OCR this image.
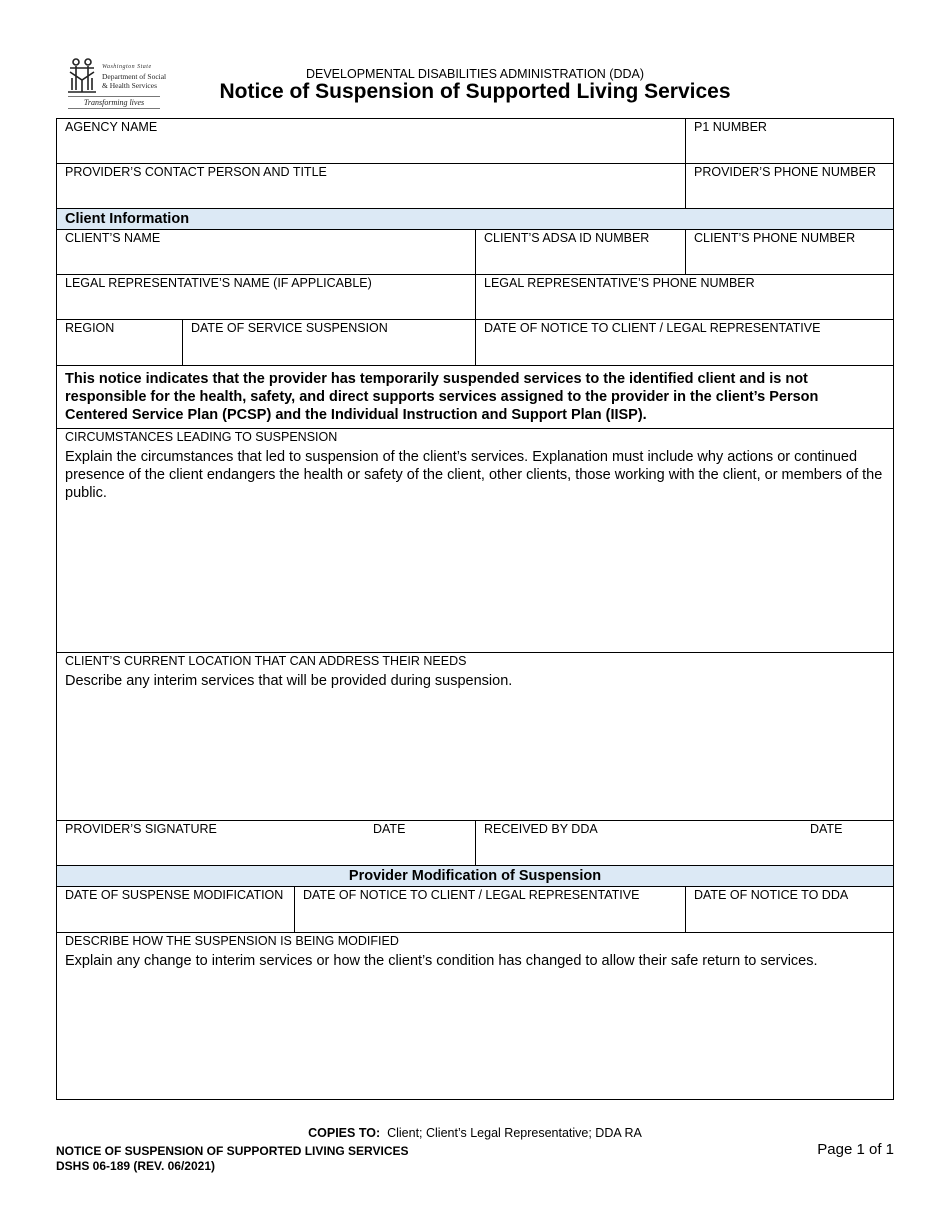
Washington State
Department of Social
& Health Services
Transforming lives
DEVELOPMENTAL DISABILITIES ADMINISTRATION (DDA)
Notice of Suspension of Supported Living Services
AGENCY NAME	P1 NUMBER
PROVIDER’S CONTACT PERSON AND TITLE	PROVIDER’S PHONE NUMBER
Client Information
CLIENT’S NAME	CLIENT’S ADSA ID NUMBER	CLIENT’S PHONE NUMBER
LEGAL REPRESENTATIVE’S NAME (IF APPLICABLE)	LEGAL REPRESENTATIVE’S PHONE NUMBER
REGION	DATE OF SERVICE SUSPENSION	DATE OF NOTICE TO CLIENT / LEGAL REPRESENTATIVE
This notice indicates that the provider has temporarily suspended services to the identified client and is not responsible for the health, safety, and direct supports services assigned to the provider in the client’s Person Centered Service Plan (PCSP) and the Individual Instruction and Support Plan (IISP).
CIRCUMSTANCES LEADING TO SUSPENSION
Explain the circumstances that led to suspension of the client’s services. Explanation must include why actions or continued presence of the client endangers the health or safety of the client, other clients, those working with the client, or members of the public.
CLIENT’S CURRENT LOCATION THAT CAN ADDRESS THEIR NEEDS
Describe any interim services that will be provided during suspension.
PROVIDER’S SIGNATURE	DATE	RECEIVED BY DDA	DATE
Provider Modification of Suspension
DATE OF SUSPENSE MODIFICATION	DATE OF NOTICE TO CLIENT / LEGAL REPRESENTATIVE	DATE OF NOTICE TO DDA
DESCRIBE HOW THE SUSPENSION IS BEING MODIFIED
Explain any change to interim services or how the client’s condition has changed to allow their safe return to services.
COPIES TO: Client; Client’s Legal Representative; DDA RA
NOTICE OF SUSPENSION OF SUPPORTED LIVING SERVICES
DSHS 06-189 (REV. 06/2021)
Page 1 of 1
